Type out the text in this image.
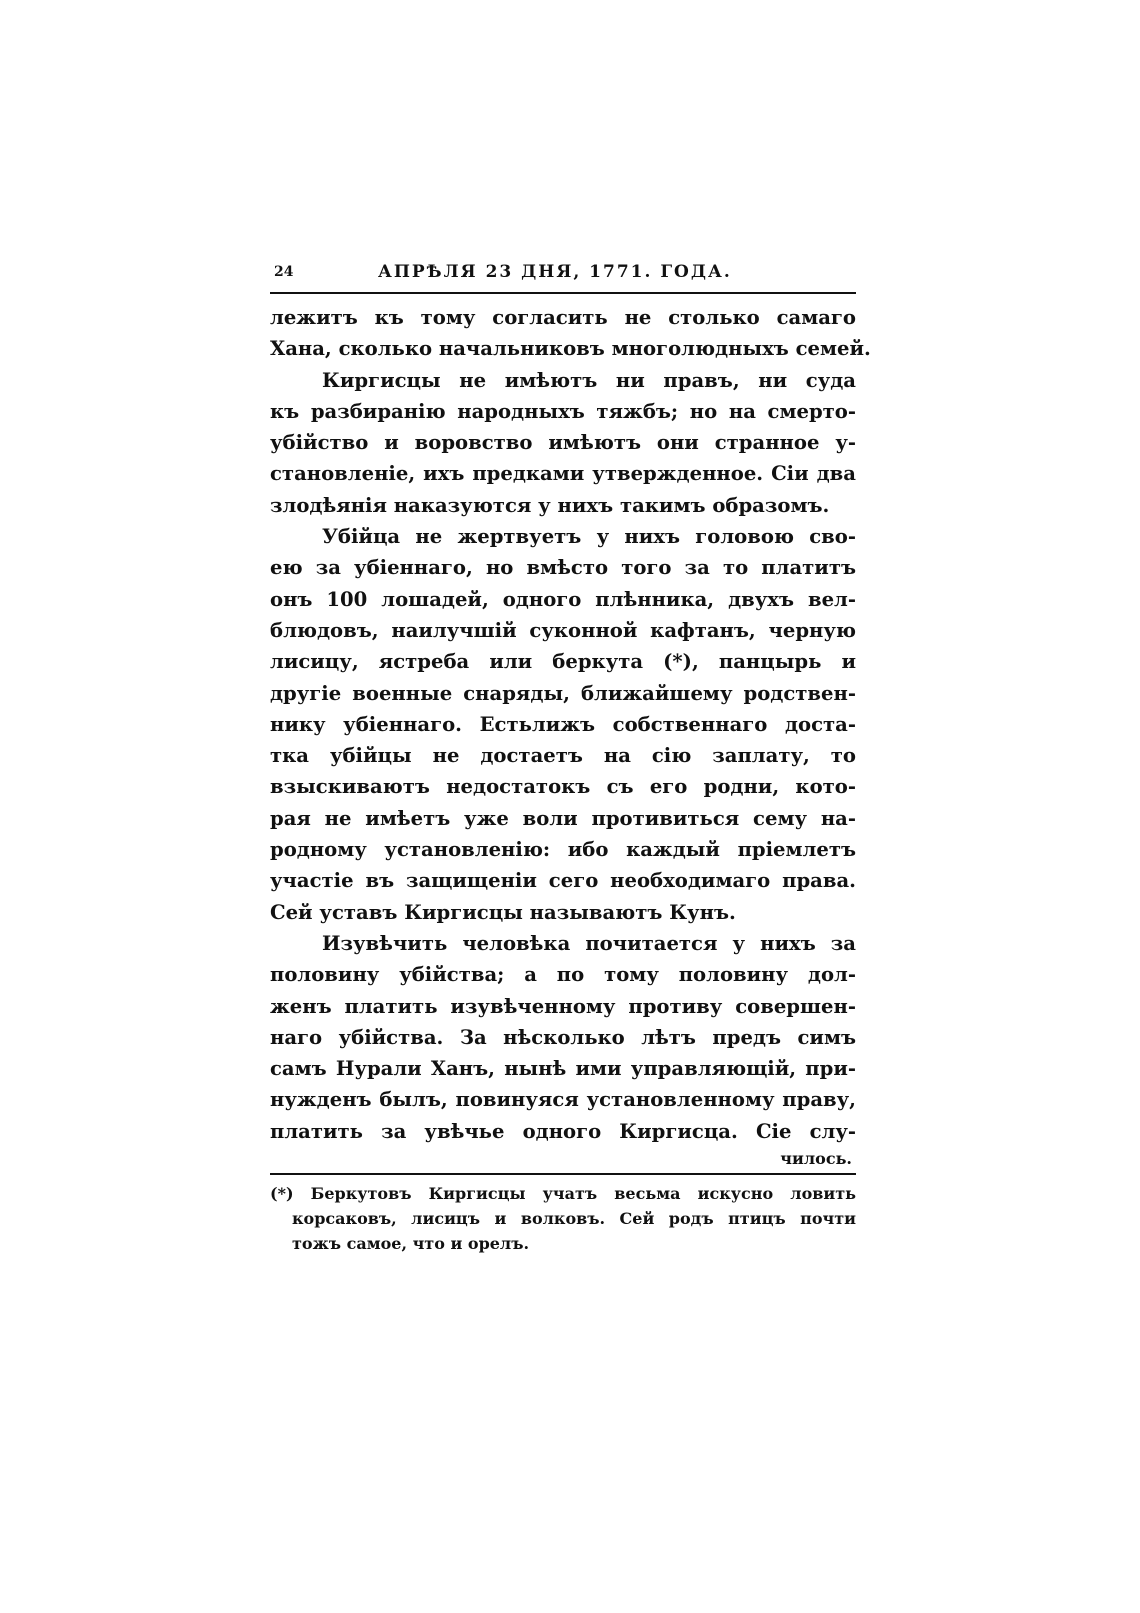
24	АПРѢЛЯ 23 ДНЯ, 1771. ГОДА.
лежитъ къ тому согласить не столько самаго
Хана, сколько начальниковъ многолюдныхъ семей.
Киргисцы не имѣютъ ни правъ, ни суда
къ разбиранiю народныхъ тяжбъ; но на смерто-
убiйство и воровство имѣютъ они странное у-
становленiе, ихъ предками утвержденное. Сiи два
злодѣянiя наказуются у нихъ такимъ образомъ.
Убiйца не жертвуетъ у нихъ головою сво-
ею за убiеннаго, но вмѣсто того за то платитъ
онъ 100 лошадей, одного плѣнника, двухъ вел-
блюдовъ, наилучшiй суконной кафтанъ, черную
лисицу, ястреба или беркута (*), панцырь и
другiе военные снаряды, ближайшему родствен-
нику убiеннаго. Естьлижъ собственнаго доста-
тка убiйцы не достаетъ на сiю заплату, то
взыскиваютъ недостатокъ съ его родни, кото-
рая не имѣетъ уже воли противиться сему на-
родному установленiю: ибо каждый прiемлетъ
участiе въ защищенiи сего необходимаго права.
Сей уставъ Киргисцы называютъ Кунъ.
Изувѣчить человѣка почитается у нихъ за
половину убiйства; а по тому половину дол-
женъ платить изувѣченному противу совершен-
наго убiйства. За нѣсколько лѣтъ предъ симъ
самъ Нурали Ханъ, нынѣ ими управляющiй, при-
нужденъ былъ, повинуяся установленному праву,
платить за увѣчье одного Киргисца. Сiе слу-
чилось.
(*) Беркутовъ Киргисцы учатъ весьма искусно ловить
корсаковъ, лисицъ и волковъ. Сей родъ птицъ почти
тожъ самое, что и орелъ.
